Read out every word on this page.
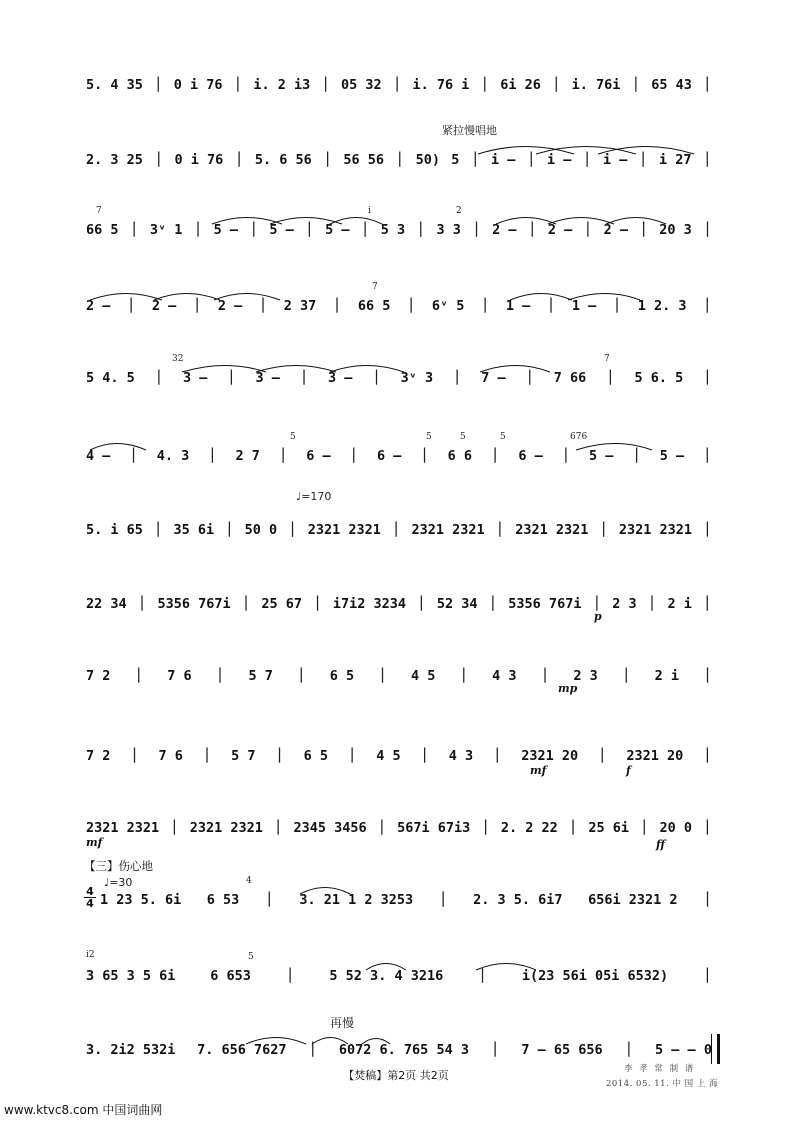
5. 4 35 | 0 i 76 | i. 2 i3 | 05 32 | i. 76 i | 6i 26 | i. 76i | 65 43 |
紧拉慢唱地
2. 3 25 | 0 i 76 | 5. 6 56 | 56 56 | 50) 5 | i – | i – | i – | i 27 |
7	i	2
66 5 | 3ᵛ 1 | 5 – | 5 – | 5 – | 5 3 | 3 3 | 2 – | 2 – | 2 – | 20 3 |
7
2 – | 2 – | 2 – | 2 37 | 66 5 | 6ᵛ 5 | 1 – | 1 – | 1 2. 3 |
32	7
5 4. 5 | 3 – | 3 – | 3 – | 3ᵛ 3 | 7 – | 7 66 | 5 6. 5 |
5	5	5	5	676
4 – | 4. 3 | 2 7 | 6 – | 6 – | 6 6 | 6 – | 5 – | 5 – |
♩=170
5. i 65 | 35 6i | 50 0 | 2321 2321 | 2321 2321 | 2321 2321 | 2321 2321 |
p
22 34 | 5356 767i | 25 67 | i7i2 3234 | 52 34 | 5356 767i | 2 3 | 2 i |
mp
7 2 | 7 6 | 5 7 | 6 5 | 4 5 | 4 3 | 2 3 | 2 i |
mf	f
7 2 | 7 6 | 5 7 | 6 5 | 4 5 | 4 3 | 2321 20 | 2321 20 |
mf	ff
2321 2321 | 2321 2321 | 2345 3456 | 567i 67i3 | 2. 2 22 | 25 6i | 20 0 |
【三】伤心地
♩=30
4
4
4
1 23 5. 6i 6 53 | 3. 21 1 2 3253 | 2. 3 5. 6i7 656i 2321 2 |
i2	5
3 65 3 5 6i	6 653 |	5 52 3. 4 3216 |	i(23 56i 05i 6532) |
再慢
3. 2i2 532i 7. 656 7627 | 6072 6. 765 54 3 | 7 – 65 656 | 5 – – 0
【焚稿】第2页 共2页	李 孝 常 制 谱
2014. 05. 11. 中 国 上 海
www.ktvc8.com 中国词曲网
